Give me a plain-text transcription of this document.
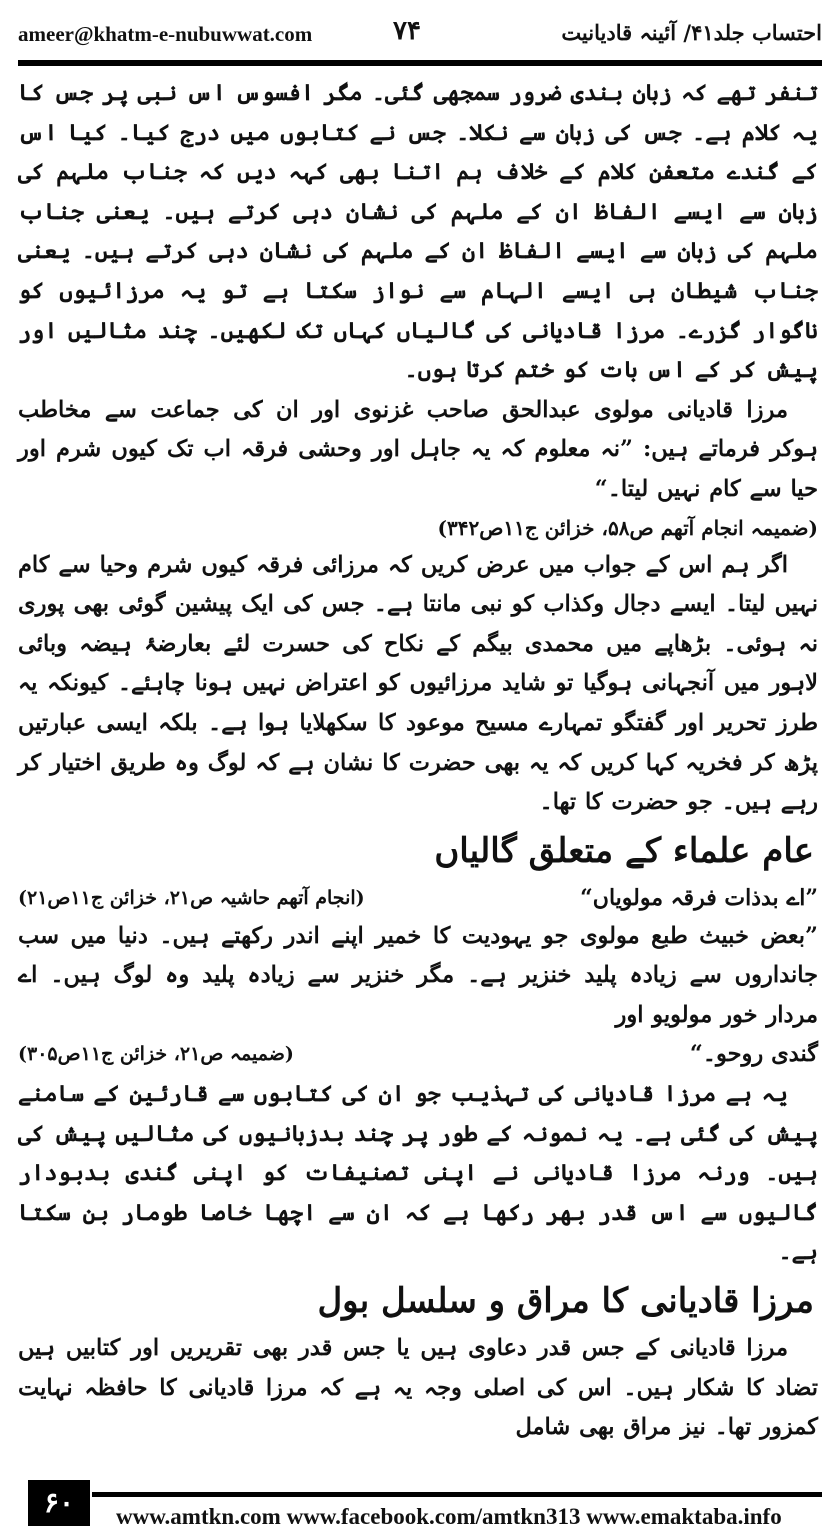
ameer@khatm-e-nubuwwat.com	۷۴	احتساب جلد۴۱/ آئینہ قادیانیت

تنفر تھے کہ زبان بندی ضرور سمجھی گئی۔ مگر افسوس اس نبی پر جس کا یہ کلام ہے۔ جس کی زبان سے نکلا۔ جس نے کتابوں میں درج کیا۔ کیا اس کے گندے متعفن کلام کے خلاف ہم اتنا بھی کہہ دیں کہ جناب ملہم کی زبان سے ایسے الفاظ ان کے ملہم کی نشان دہی کرتے ہیں۔ یعنی جناب ملہم کی زبان سے ایسے الفاظ ان کے ملہم کی نشان دہی کرتے ہیں۔ یعنی جناب شیطان ہی ایسے الہام سے نواز سکتا ہے تو یہ مرزائیوں کو ناگوار گزرے۔ مرزا قادیانی کی گالیاں کہاں تک لکھیں۔ چند مثالیں اور پیش کر کے اس بات کو ختم کرتا ہوں۔

مرزا قادیانی مولوی عبدالحق صاحب غزنوی اور ان کی جماعت سے مخاطب ہوکر فرماتے ہیں: ”نہ معلوم کہ یہ جاہل اور وحشی فرقہ اب تک کیوں شرم اور حیا سے کام نہیں لیتا۔“

(ضمیمہ انجام آتھم ص۵۸، خزائن ج۱۱ص۳۴۲)

اگر ہم اس کے جواب میں عرض کریں کہ مرزائی فرقہ کیوں شرم وحیا سے کام نہیں لیتا۔ ایسے دجال وکذاب کو نبی مانتا ہے۔ جس کی ایک پیشین گوئی بھی پوری نہ ہوئی۔ بڑھاپے میں محمدی بیگم کے نکاح کی حسرت لئے بعارضۂ ہیضہ وبائی لاہور میں آنجہانی ہوگیا تو شاید مرزائیوں کو اعتراض نہیں ہونا چاہئے۔ کیونکہ یہ طرز تحریر اور گفتگو تمہارے مسیح موعود کا سکھلایا ہوا ہے۔ بلکہ ایسی عبارتیں پڑھ کر فخریہ کہا کریں کہ یہ بھی حضرت کا نشان ہے کہ لوگ وہ طریق اختیار کر رہے ہیں۔ جو حضرت کا تھا۔

عام علماء کے متعلق گالیاں
”اے بدذات فرقہ مولویاں“
(انجام آتھم حاشیہ ص۲۱، خزائن ج۱۱ص۲۱)

”بعض خبیث طبع مولوی جو یہودیت کا خمیر اپنے اندر رکھتے ہیں۔ دنیا میں سب جانداروں سے زیادہ پلید خنزیر ہے۔ مگر خنزیر سے زیادہ پلید وہ لوگ ہیں۔ اے مردار خور مولویو اور

گندی روحو۔“
(ضمیمہ ص۲۱، خزائن ج۱۱ص۳۰۵)

یہ ہے مرزا قادیانی کی تہذیب جو ان کی کتابوں سے قارئین کے سامنے پیش کی گئی ہے۔ یہ نمونہ کے طور پر چند بدزبانیوں کی مثالیں پیش کی ہیں۔ ورنہ مرزا قادیانی نے اپنی تصنیفات کو اپنی گندی بدبودار گالیوں سے اس قدر بھر رکھا ہے کہ ان سے اچھا خاصا طومار بن سکتا ہے۔

مرزا قادیانی کا مراق و سلسل بول

مرزا قادیانی کے جس قدر دعاوی ہیں یا جس قدر بھی تقریریں اور کتابیں ہیں تضاد کا شکار ہیں۔ اس کی اصلی وجہ یہ ہے کہ مرزا قادیانی کا حافظہ نہایت کمزور تھا۔ نیز مراق بھی شامل

۶۰	www.amtkn.com www.facebook.com/amtkn313 www.emaktaba.info
